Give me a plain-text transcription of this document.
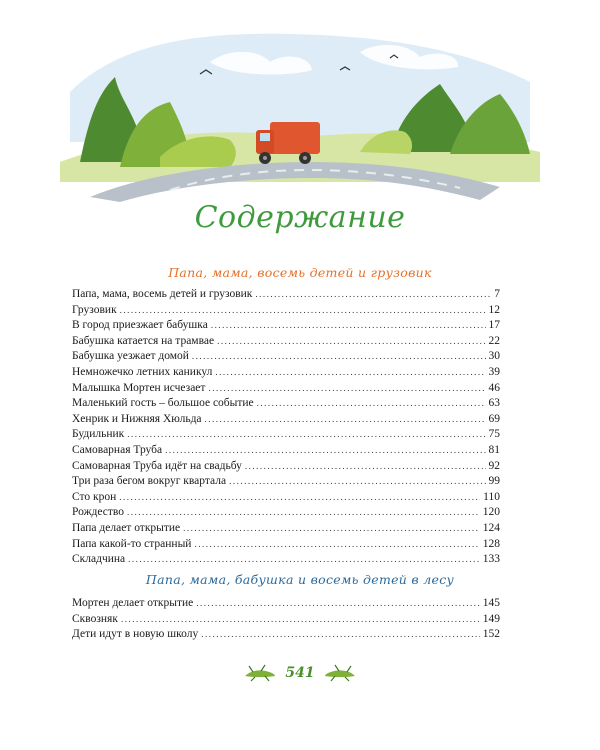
Содержание
Папа, мама, восемь детей и грузовик
Папа, мама, восемь детей и грузовик .....	7
Грузовик .....	12
В город приезжает бабушка .....	17
Бабушка катается на трамвае .....	22
Бабушка уезжает домой .....	30
Немножечко летних каникул .....	39
Малышка Мортен исчезает .....	46
Маленький гость – большое событие .....	63
Хенрик и Нижняя Хюльда .....	69
Будильник .....	75
Самоварная Труба .....	81
Самоварная Труба идёт на свадьбу .....	92
Три раза бегом вокруг квартала .....	99
Сто крон .....	110
Рождество .....	120
Папа делает открытие .....	124
Папа какой-то странный .....	128
Складчина .....	133
Папа, мама, бабушка и восемь детей в лесу
Мортен делает открытие .....	145
Сквозняк .....	149
Дети идут в новую школу .....	152
541
